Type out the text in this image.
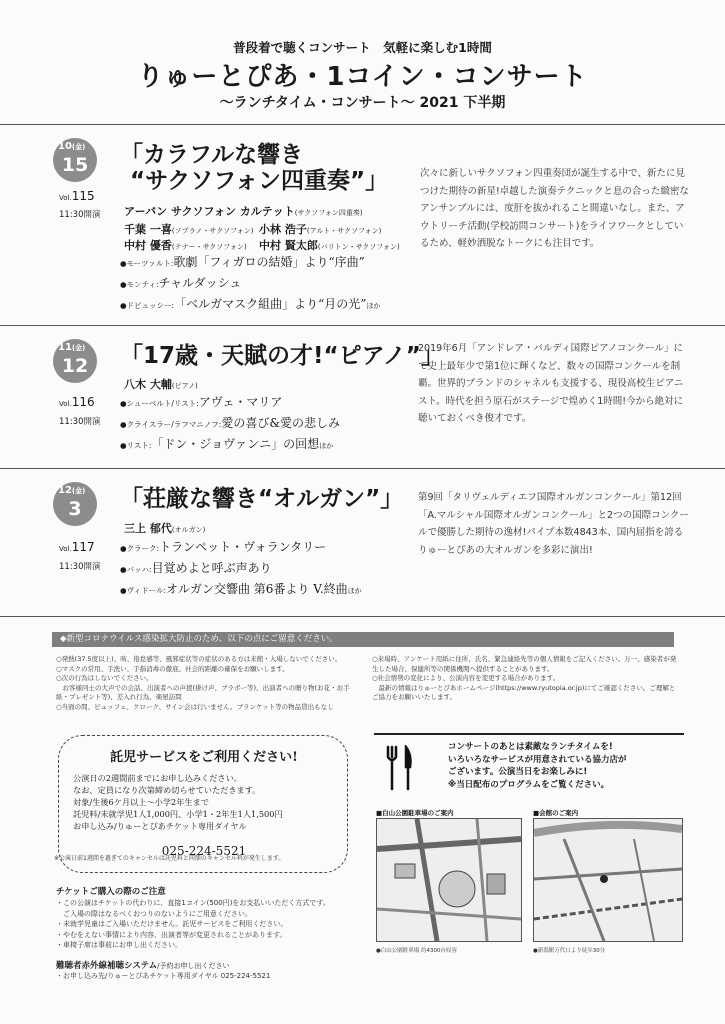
普段着で聴くコンサート　気軽に楽しむ1時間
りゅーとぴあ・1コイン・コンサート
～ランチタイム・コンサート～ 2021 下半期
10(金)
15
Vol.115
11:30開演
「カラフルな響き
“サクソフォン四重奏”」
アーバン サクソフォン カルテット(サクソフォン四重奏)
千葉 一喜(ソプラノ・サクソフォン) 小林 浩子(アルト・サクソフォン)
中村 優香(テナー・サクソフォン) 中村 賢太郎(バリトン・サクソフォン)
●モーツァルト:歌劇「フィガロの結婚」より“序曲”
●モンティ:チャルダッシュ
●ドビュッシー:「ベルガマスク組曲」より“月の光”ほか
次々に新しいサクソフォン四重奏団が誕生する中で、新たに見つけた期待の新星!卓越した演奏テクニックと息の合った緻密なアンサンブルには、度肝を抜かれること間違いなし。また、アウトリーチ活動(学校訪問コンサート)をライフワークとしているため、軽妙洒脱なトークにも注目です。
11(金)
12
Vol.116
11:30開演
「17歳・天賦の才!“ピアノ”」
八木 大輔(ピアノ)
●シューベルト/リスト:アヴェ・マリア
●クライスラー/ラフマニノフ:愛の喜び&愛の悲しみ
●リスト:「ドン・ジョヴァンニ」の回想ほか
2019年6月「アンドレア・バルディ国際ピアノコンクール」にて史上最年少で第1位に輝くなど、数々の国際コンクールを制覇。世界的ブランドのシャネルも支援する、現役高校生ピアニスト。時代を担う原石がステージで煌めく1時間!今から絶対に聴いておくべき俊才です。
12(金)
3
Vol.117
11:30開演
「荘厳な響き“オルガン”」
三上 郁代(オルガン)
●クラーク:トランペット・ヴォランタリー
●バッハ:目覚めよと呼ぶ声あり
●ヴィドール:オルガン交響曲 第6番より V.終曲ほか
第9回「タリヴェルディエフ国際オルガンコンクール」第12回「A.マルシャル国際オルガンコンクール」と2つの国際コンクールで優勝した期待の逸材!パイプ本数4843本、国内屈指を誇るりゅーとぴあの大オルガンを多彩に演出!
◆新型コロナウイルス感染拡大防止のため、以下の点にご留意ください。
○発熱(37.5度以上)、咳、倦怠感等、風邪症状等の症状のある方は来館・入場しないでください。
○マスクの常用、手洗い、手指消毒の徹底、社会的距離の確保をお願いします。
○次の行為はしないでください。
　お客様同士の大声での会話、出演者への声援(掛け声、ブラボー等)、出演者への贈り物(お花・お手紙・プレゼント等)、差入れ行為、楽屋訪問
○当面の間、ビュッフェ、クローク、サイン会は行いません。ブランケット等の物品貸出もなし
○来場時、アンケート用紙に住所、氏名、緊急連絡先等の個人情報をご記入ください。万一、感染者が発生した場合、保健所等の関係機関へ提供することがあります。
○社会情勢の変化により、公演内容を変更する場合があります。
　最新の情報はりゅーとぴあホームページ(https://www.ryutopia.or.jp)にてご確認ください。ご理解とご協力をお願いいたします。
託児サービスをご利用ください!
公演日の2週間前までにお申し込みください。
なお、定員になり次第締め切らせていただきます。
対象/生後6ケ月以上～小学2年生まで
託児料/未就学児1人1,000円、小学1・2年生1人1,500円
お申し込み/りゅーとぴあチケット専用ダイヤル
025-224-5521
※公演日前1週間を過ぎてのキャンセルは託児料と同額のキャンセル料が発生します。
チケットご購入の際のご注意
・この公演はチケットの代わりに、直接1コイン(500円)をお支払いいただく方式です。
　ご入場の際はなるべくおつりのないようにご用意ください。
・未就学児童はご入場いただけません。託児サービスをご利用ください。
・やむをえない事情により内容、出演者等が変更されることがあります。
・車椅子席は事前にお申し出ください。
難聴者赤外線補聴システム/予約お申し出ください
・お申し込み先/りゅーとぴあチケット専用ダイヤル 025-224-5521
コンサートのあとは素敵なランチタイムを!
いろいろなサービスが用意されている協力店が
ございます。公演当日をお楽しみに!
※当日配布のプログラムをご覧ください。
■白山公園駐車場のご案内	■会館のご案内
●白山公園駐車場 約4300台収容	●新潟駅万代口より徒歩30分
